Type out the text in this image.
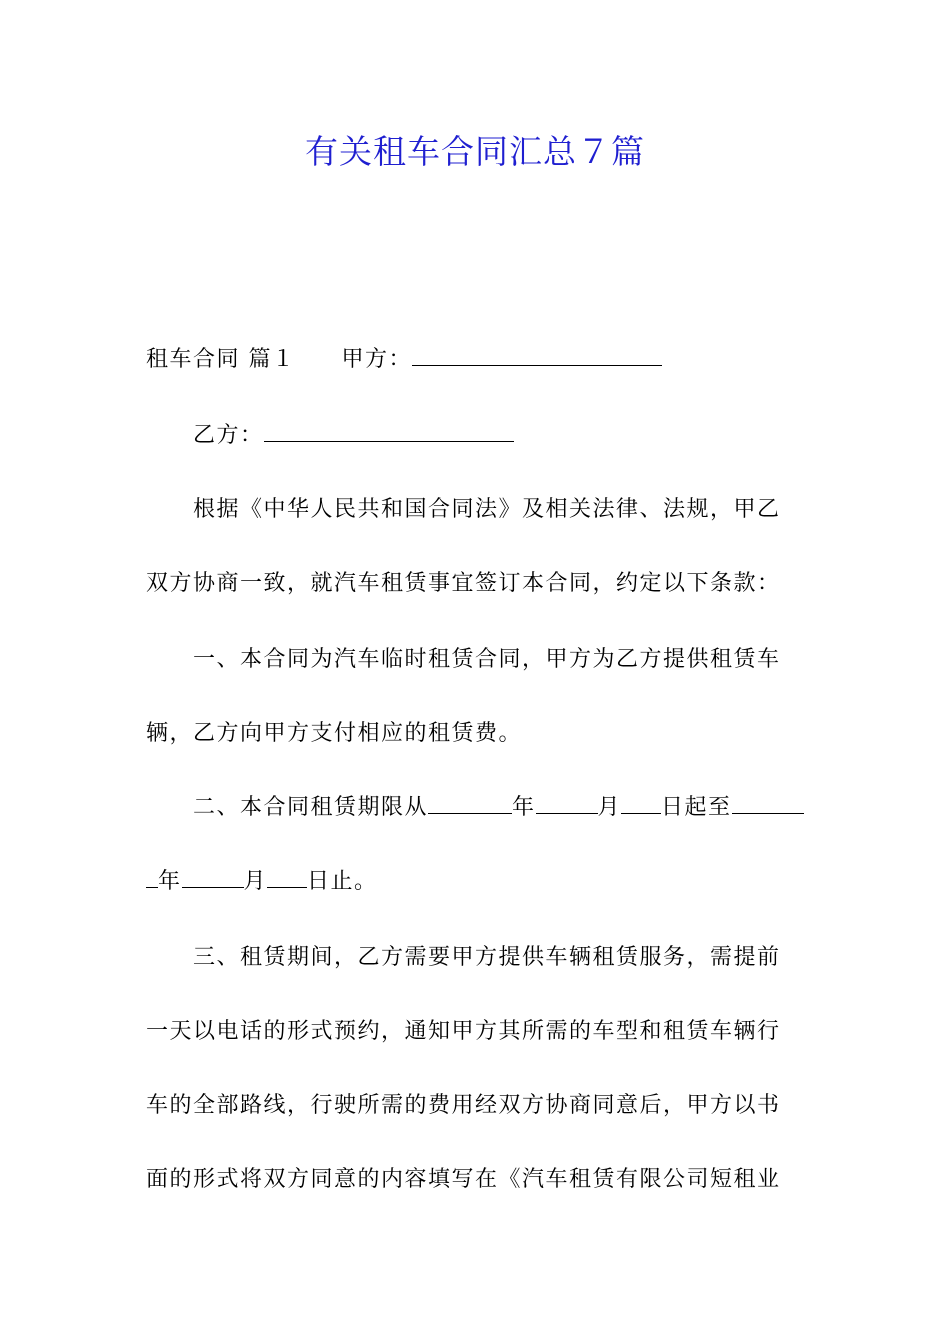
有关租车合同汇总７篇
租车合同 篇１ 甲方：
乙方：
根据《中华人民共和国合同法》及相关法律、法规，甲乙
双方协商一致，就汽车租赁事宜签订本合同，约定以下条款：
一、本合同为汽车临时租赁合同，甲方为乙方提供租赁车
辆，乙方向甲方支付相应的租赁费。
二、本合同租赁期限从	年	月 日起至
年	月 日止。
三、租赁期间，乙方需要甲方提供车辆租赁服务，需提前
一天以电话的形式预约，通知甲方其所需的车型和租赁车辆行
车的全部路线，行驶所需的费用经双方协商同意后，甲方以书
面的形式将双方同意的内容填写在《汽车租赁有限公司短租业
